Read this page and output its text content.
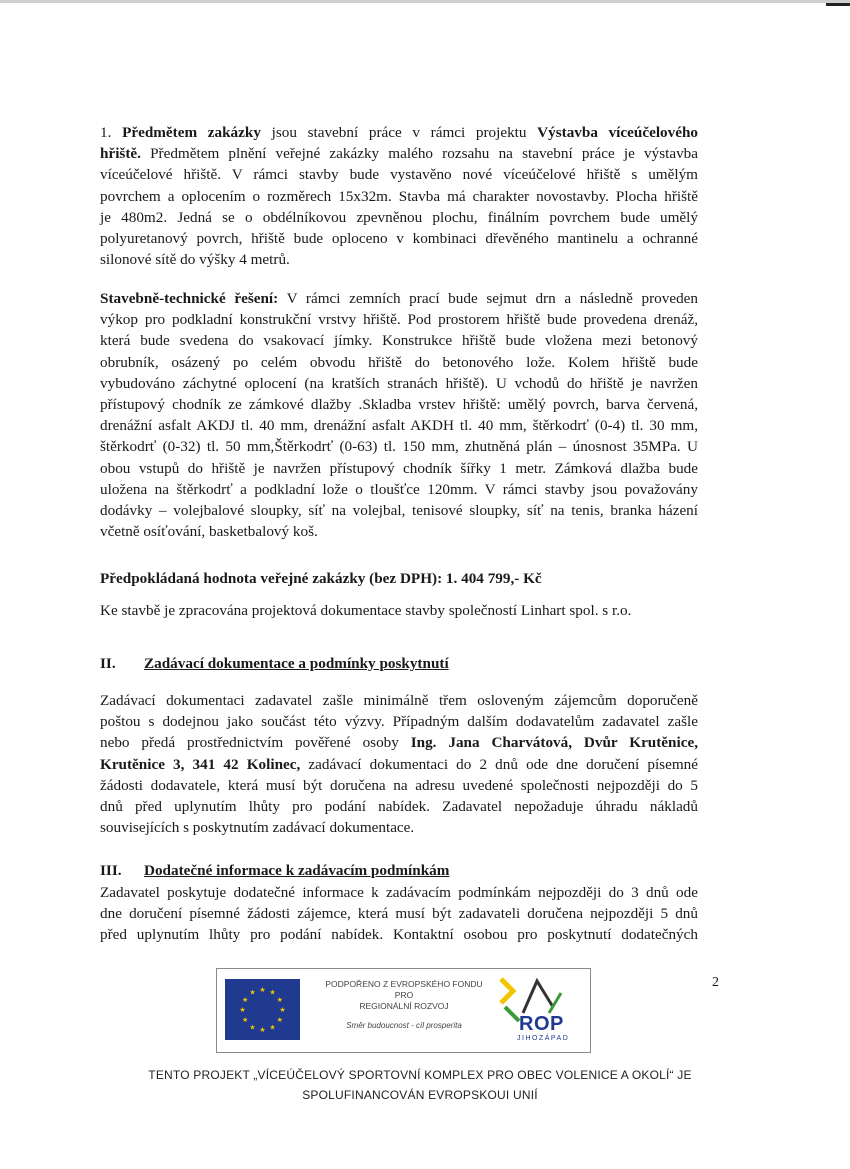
1. Předmětem zakázky jsou stavební práce v rámci projektu Výstavba víceúčelového
hřiště. Předmětem plnění veřejné zakázky malého rozsahu na stavební práce je výstavba
víceúčelové hřiště. V rámci stavby bude vystavěno nové víceúčelové hřiště s umělým
povrchem a oplocením o rozměrech 15x32m. Stavba má charakter novostavby. Plocha hřiště
je 480m2. Jedná se o obdélníkovou zpevněnou plochu, finálním povrchem bude umělý
polyuretanový povrch, hřiště bude oploceno v kombinaci dřevěného mantinelu a ochranné
silonové sítě do výšky 4 metrů.
Stavebně-technické řešení: V rámci zemních prací bude sejmut drn a následně proveden
výkop pro podkladní konstrukční vrstvy hřiště. Pod prostorem hřiště bude provedena drenáž,
která bude svedena do vsakovací jímky. Konstrukce hřiště bude vložena mezi betonový
obrubník, osázený po celém obvodu hřiště do betonového lože. Kolem hřiště bude
vybudováno záchytné oplocení (na kratších stranách hřiště). U vchodů do hřiště je navržen
přístupový chodník ze zámkové dlažby .Skladba vrstev hřiště: umělý povrch, barva červená,
drenážní asfalt AKDJ tl. 40 mm, drenážní asfalt AKDH tl. 40 mm, štěrkodrť (0-4) tl. 30 mm,
štěrkodrť (0-32) tl. 50 mm,Štěrkodrť (0-63) tl. 150 mm, zhutněná plán – únosnost 35MPa. U
obou vstupů do hřiště je navržen přístupový chodník šířky 1 metr. Zámková dlažba bude
uložena na štěrkodrť a podkladní lože o tloušťce 120mm. V rámci stavby jsou považovány
dodávky – volejbalové sloupky, síť na volejbal, tenisové sloupky, síť na tenis, branka házení
včetně osíťování, basketbalový koš.
Předpokládaná hodnota veřejné zakázky (bez DPH): 1. 404 799,- Kč
Ke stavbě je zpracována projektová dokumentace stavby společností Linhart spol. s r.o.
II. Zadávací dokumentace a podmínky poskytnutí
Zadávací dokumentaci zadavatel zašle minimálně třem osloveným zájemcům doporučeně
poštou s dodejnou jako součást této výzvy. Případným dalším dodavatelům zadavatel zašle
nebo předá prostřednictvím pověřené osoby Ing. Jana Charvátová, Dvůr Krutěnice,
Krutěnice 3, 341 42 Kolinec, zadávací dokumentaci do 2 dnů ode dne doručení písemné
žádosti dodavatele, která musí být doručena na adresu uvedené společnosti nejpozději do 5
dnů před uplynutím lhůty pro podání nabídek. Zadavatel nepožaduje úhradu nákladů
souvisejících s poskytnutím zadávací dokumentace.
III. Dodatečné informace k zadávacím podmínkám
Zadavatel poskytuje dodatečné informace k zadávacím podmínkám nejpozději do 3 dnů ode
dne doručení písemné žádosti zájemce, která musí být zadavateli doručena nejpozději 5 dnů
před uplynutím lhůty pro podání nabídek. Kontaktní osobou pro poskytnutí dodatečných
2
★ ★
★
★
★
★
★
★
★
★
★
★
PODPOŘENO Z EVROPSKÉHO FONDU
PRO
REGIONÁLNÍ ROZVOJ
Směr budoucnost - cíl prosperita	ROP
JIHOZÁPAD
TENTO PROJEKT „VÍCEÚČELOVÝ SPORTOVNÍ KOMPLEX PRO OBEC VOLENICE A OKOLÍ“ JE
SPOLUFINANCOVÁN EVROPSKOUI UNIÍ
